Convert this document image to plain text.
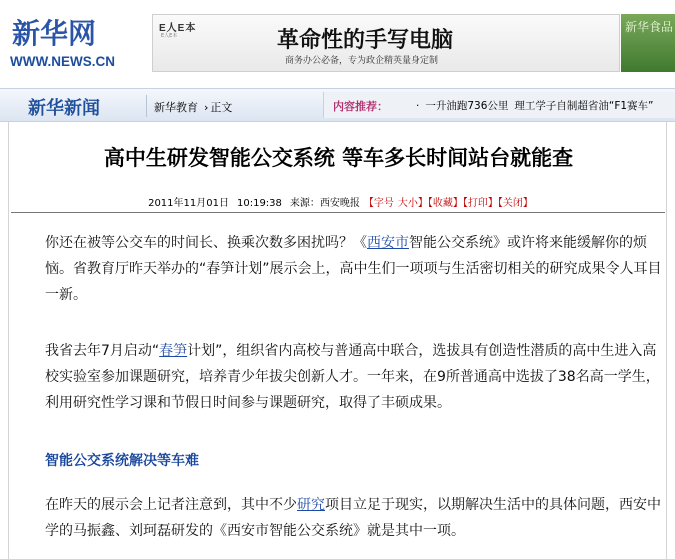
新华网
WWW.NEWS.CN
E人E本
E人E本	革命性的手写电脑
商务办公必备，专为政企精英量身定制
新华食品
新华新闻	新华教育 › 正文	内容推荐：	· 一升油跑736公里 理工学子自制超省油“F1赛车”
高中生研发智能公交系统 等车多长时间站台就能查
2011年11月01日 10:19:38 来源：西安晚报 【字号 大小】【收藏】【打印】【关闭】
你还在被等公交车的时间长、换乘次数多困扰吗？《西安市智能公交系统》或许将来能缓解你的烦恼。省教育厅昨天举办的“春笋计划”展示会上，高中生们一项项与生活密切相关的研究成果令人耳目一新。
我省去年7月启动“春笋计划”，组织省内高校与普通高中联合，选拔具有创造性潜质的高中生进入高校实验室参加课题研究，培养青少年拔尖创新人才。一年来，在9所普通高中选拔了38名高一学生，利用研究性学习课和节假日时间参与课题研究，取得了丰硕成果。
智能公交系统解决等车难
在昨天的展示会上记者注意到，其中不少研究项目立足于现实，以期解决生活中的具体问题，西安中学的马振鑫、刘珂磊研发的《西安市智能公交系统》就是其中一项。
